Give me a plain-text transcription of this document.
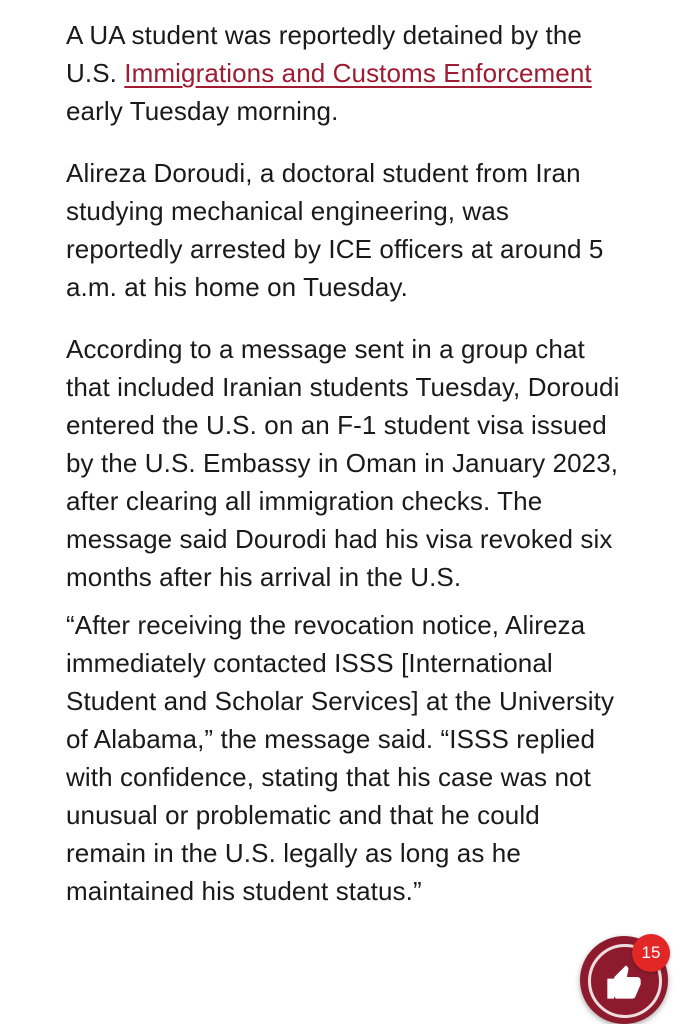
A UA student was reportedly detained by the U.S. Immigrations and Customs Enforcement early Tuesday morning.

Alireza Doroudi, a doctoral student from Iran studying mechanical engineering, was reportedly arrested by ICE officers at around 5 a.m. at his home on Tuesday.

According to a message sent in a group chat that included Iranian students Tuesday, Doroudi entered the U.S. on an F-1 student visa issued by the U.S. Embassy in Oman in January 2023, after clearing all immigration checks. The message said Dourodi had his visa revoked six months after his arrival in the U.S.

“After receiving the revocation notice, Alireza immediately contacted ISSS [International Student and Scholar Services] at the University of Alabama,” the message said. “ISSS replied with confidence, stating that his case was not unusual or problematic and that he could remain in the U.S. legally as long as he maintained his student status.”

15
